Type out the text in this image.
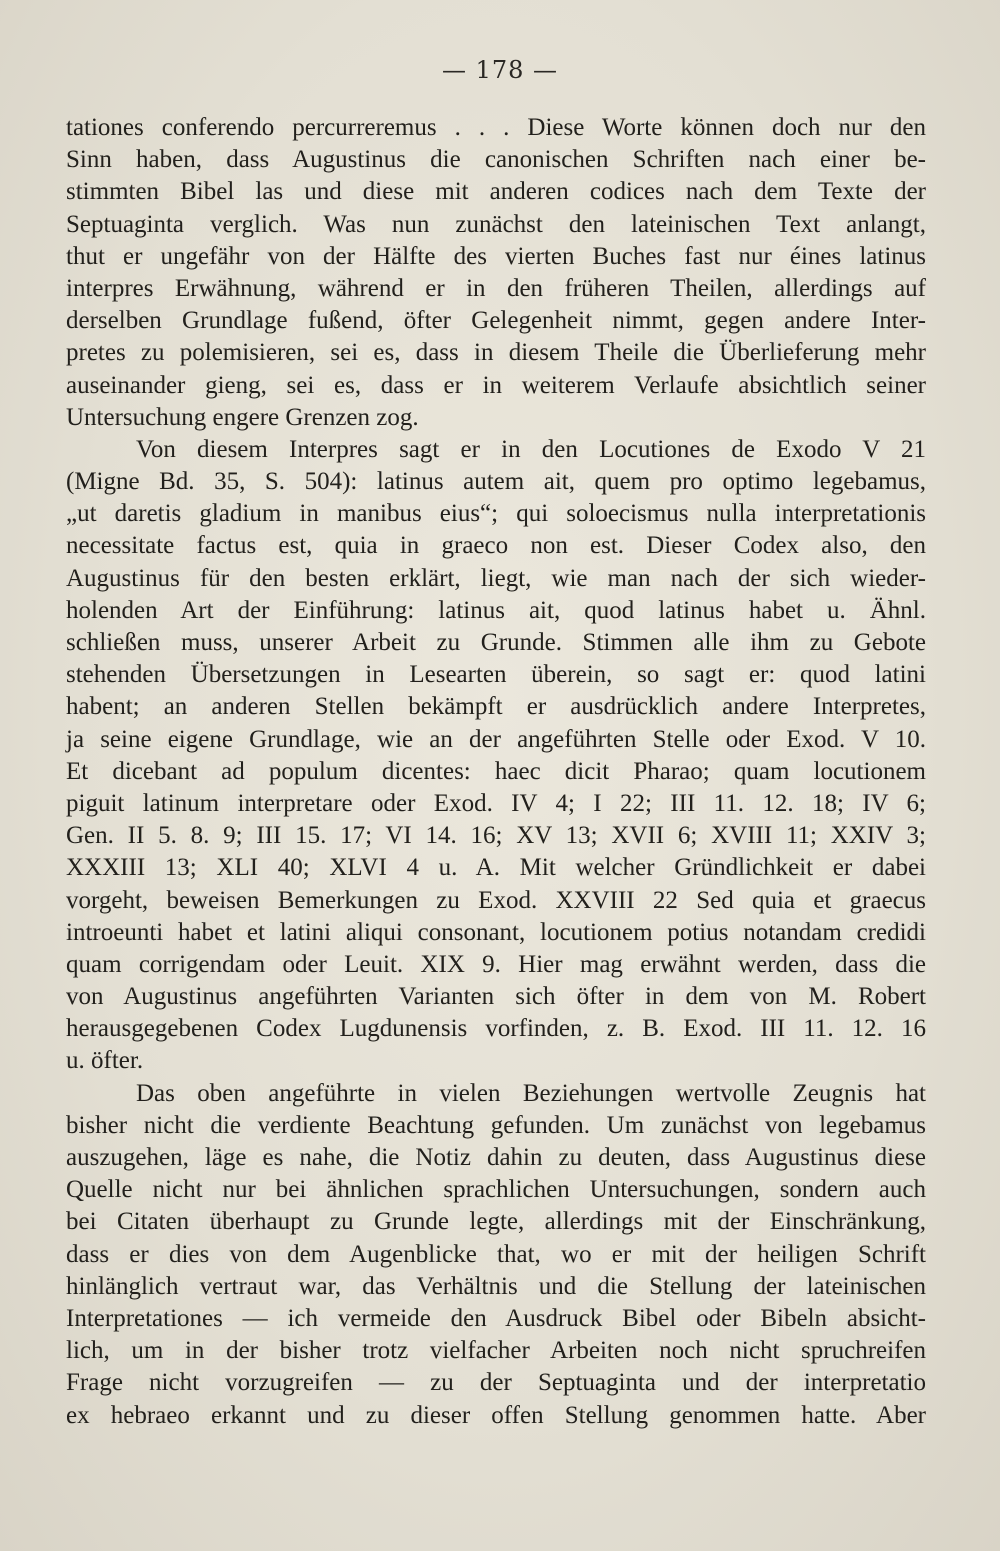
— 178 —
tationes conferendo percurreremus . . . Diese Worte können doch nur den
Sinn haben, dass Augustinus die canonischen Schriften nach einer be-
stimmten Bibel las und diese mit anderen codices nach dem Texte der
Septuaginta verglich. Was nun zunächst den lateinischen Text anlangt,
thut er ungefähr von der Hälfte des vierten Buches fast nur éines latinus
interpres Erwähnung, während er in den früheren Theilen, allerdings auf
derselben Grundlage fußend, öfter Gelegenheit nimmt, gegen andere Inter-
pretes zu polemisieren, sei es, dass in diesem Theile die Überlieferung mehr
auseinander gieng, sei es, dass er in weiterem Verlaufe absichtlich seiner
Untersuchung engere Grenzen zog.
Von diesem Interpres sagt er in den Locutiones de Exodo V 21
(Migne Bd. 35, S. 504): latinus autem ait, quem pro optimo legebamus,
„ut daretis gladium in manibus eius“; qui soloecismus nulla interpretationis
necessitate factus est, quia in graeco non est. Dieser Codex also, den
Augustinus für den besten erklärt, liegt, wie man nach der sich wieder-
holenden Art der Einführung: latinus ait, quod latinus habet u. Ähnl.
schließen muss, unserer Arbeit zu Grunde. Stimmen alle ihm zu Gebote
stehenden Übersetzungen in Lesearten überein, so sagt er: quod latini
habent; an anderen Stellen bekämpft er ausdrücklich andere Interpretes,
ja seine eigene Grundlage, wie an der angeführten Stelle oder Exod. V 10.
Et dicebant ad populum dicentes: haec dicit Pharao; quam locutionem
piguit latinum interpretare oder Exod. IV 4; I 22; III 11. 12. 18; IV 6;
Gen. II 5. 8. 9; III 15. 17; VI 14. 16; XV 13; XVII 6; XVIII 11; XXIV 3;
XXXIII 13; XLI 40; XLVI 4 u. A. Mit welcher Gründlichkeit er dabei
vorgeht, beweisen Bemerkungen zu Exod. XXVIII 22 Sed quia et graecus
introeunti habet et latini aliqui consonant, locutionem potius notandam credidi
quam corrigendam oder Leuit. XIX 9. Hier mag erwähnt werden, dass die
von Augustinus angeführten Varianten sich öfter in dem von M. Robert
herausgegebenen Codex Lugdunensis vorfinden, z. B. Exod. III 11. 12. 16
u. öfter.
Das oben angeführte in vielen Beziehungen wertvolle Zeugnis hat
bisher nicht die verdiente Beachtung gefunden. Um zunächst von legebamus
auszugehen, läge es nahe, die Notiz dahin zu deuten, dass Augustinus diese
Quelle nicht nur bei ähnlichen sprachlichen Untersuchungen, sondern auch
bei Citaten überhaupt zu Grunde legte, allerdings mit der Einschränkung,
dass er dies von dem Augenblicke that, wo er mit der heiligen Schrift
hinlänglich vertraut war, das Verhältnis und die Stellung der lateinischen
Interpretationes — ich vermeide den Ausdruck Bibel oder Bibeln absicht-
lich, um in der bisher trotz vielfacher Arbeiten noch nicht spruchreifen
Frage nicht vorzugreifen — zu der Septuaginta und der interpretatio
ex hebraeo erkannt und zu dieser offen Stellung genommen hatte. Aber
